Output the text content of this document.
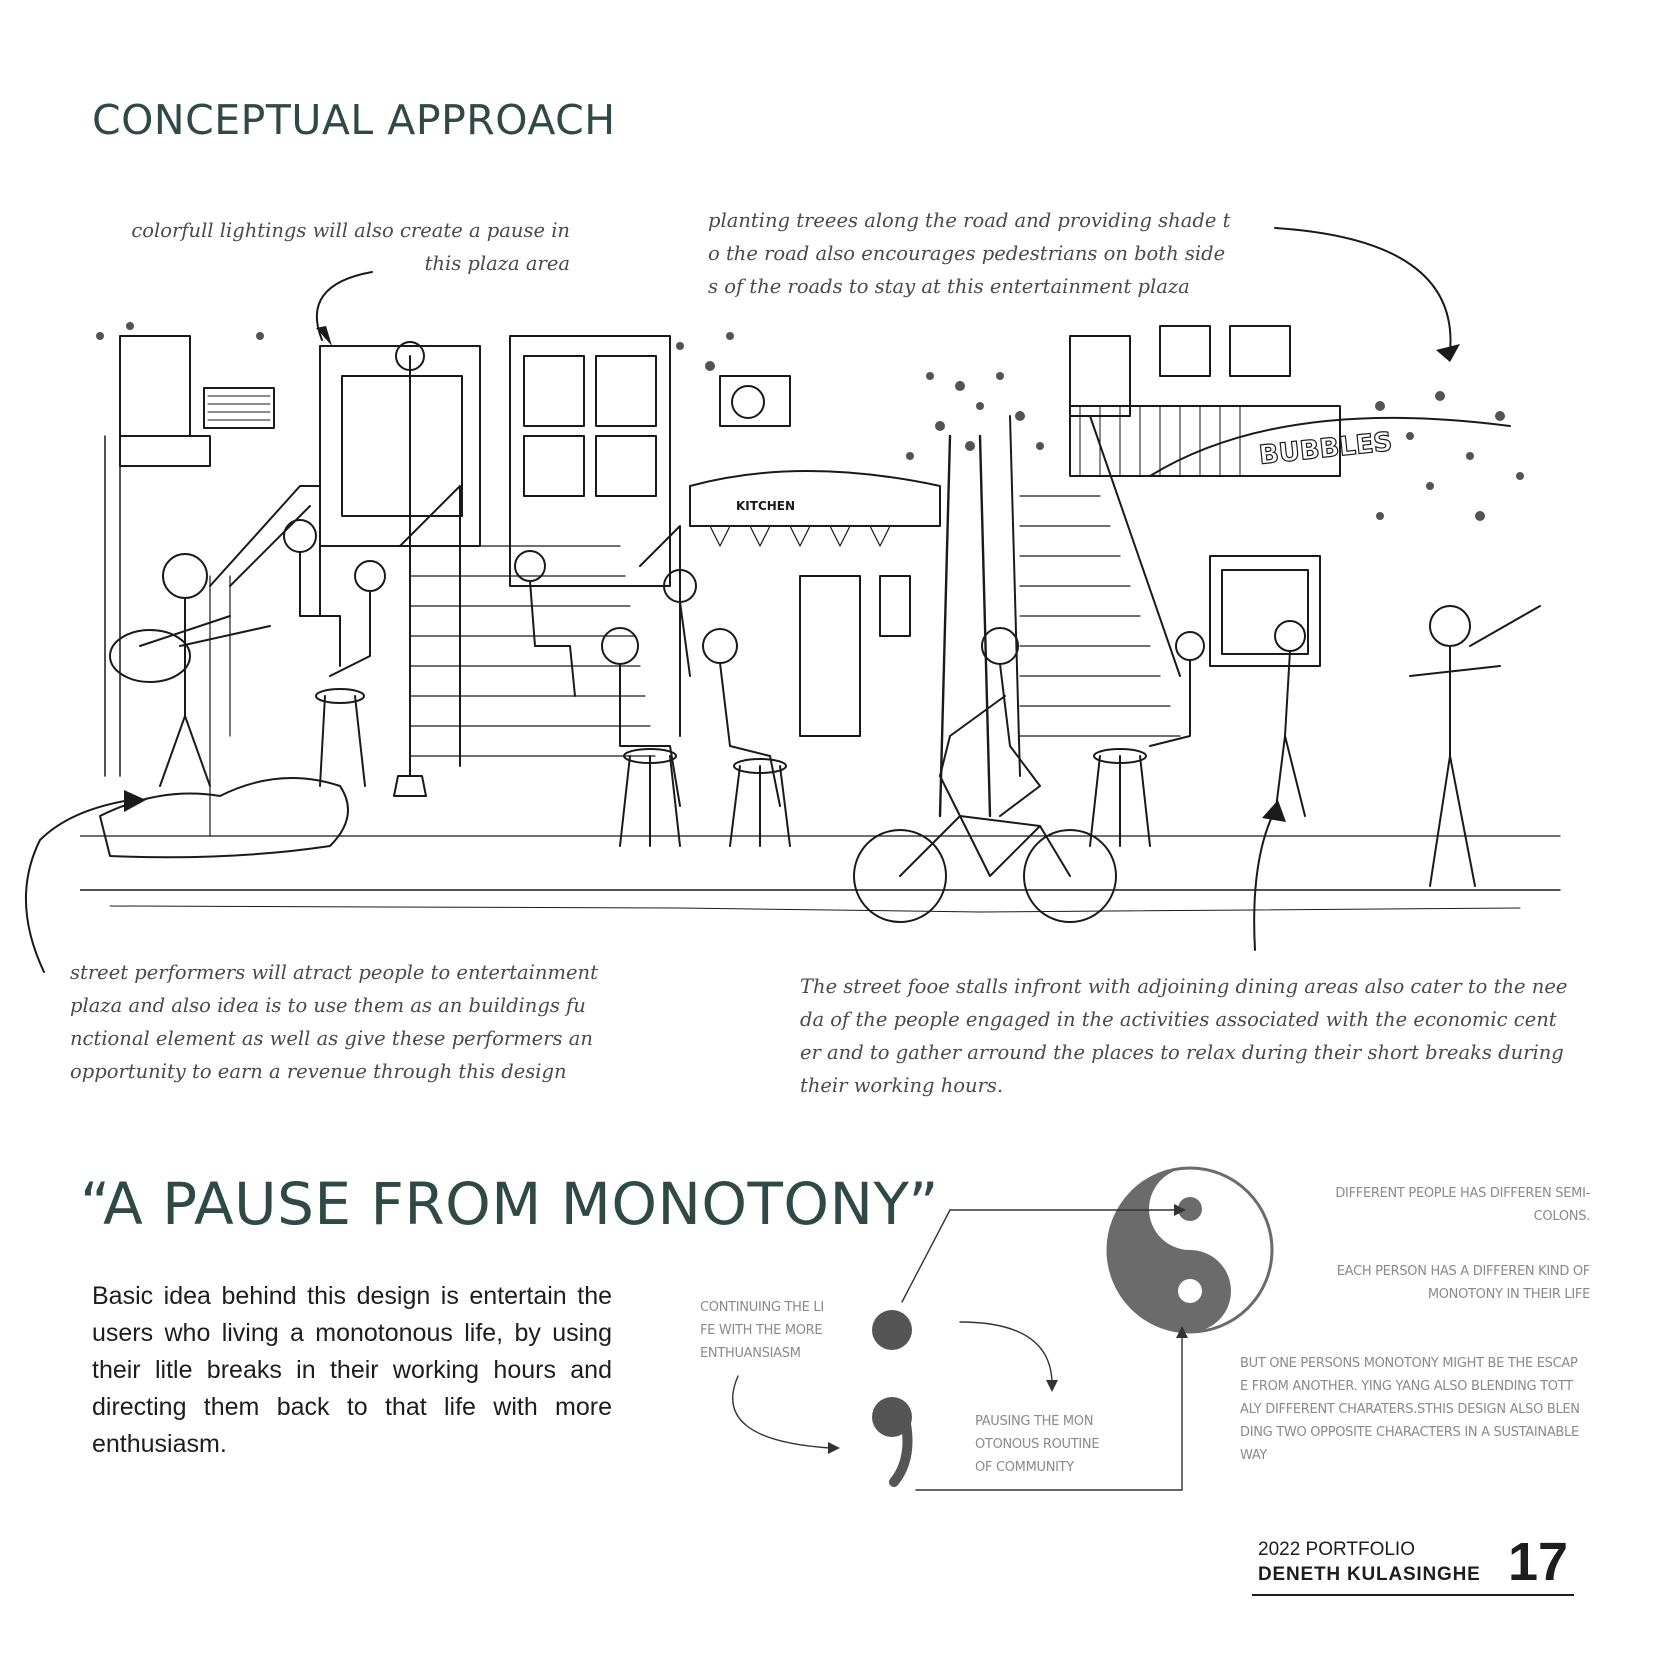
CONCEPTUAL APPROACH
colorfull lightings will also create a pause in
this plaza area
planting treees along the road and providing shade t
o the road also encourages pedestrians on both side
s of the roads to stay at this entertainment plaza
KITCHEN
BUBBLES
street performers will atract people to entertainment
plaza and also idea is to use them as an buildings fu
nctional element as well as give these performers an
opportunity to earn a revenue through this design
The street fooe stalls infront with adjoining dining areas also cater to the nee
da of the people engaged in the activities associated with the economic cent
er and to gather arround the places to relax during their short breaks during
their working hours.
“A PAUSE FROM MONOTONY”

Basic idea behind this design is entertain the users who living a monotonous life, by using their litle breaks in their working hours and directing them back to that life with more enthusiasm.

CONTINUING THE LI
FE WITH THE MORE
ENTHUANSIASM
PAUSING THE MON
OTONOUS ROUTINE
OF COMMUNITY
DIFFERENT PEOPLE HAS DIFFEREN SEMI-
COLONS.
EACH PERSON HAS A DIFFEREN KIND OF
MONOTONY IN THEIR LIFE
BUT ONE PERSONS MONOTONY MIGHT BE THE ESCAP
E FROM ANOTHER. YING YANG ALSO BLENDING TOTT
ALY DIFFERENT CHARATERS.STHIS DESIGN ALSO BLEN
DING TWO OPPOSITE CHARACTERS IN A SUSTAINABLE
WAY
2022 PORTFOLIO
DENETH KULASINGHE 17
